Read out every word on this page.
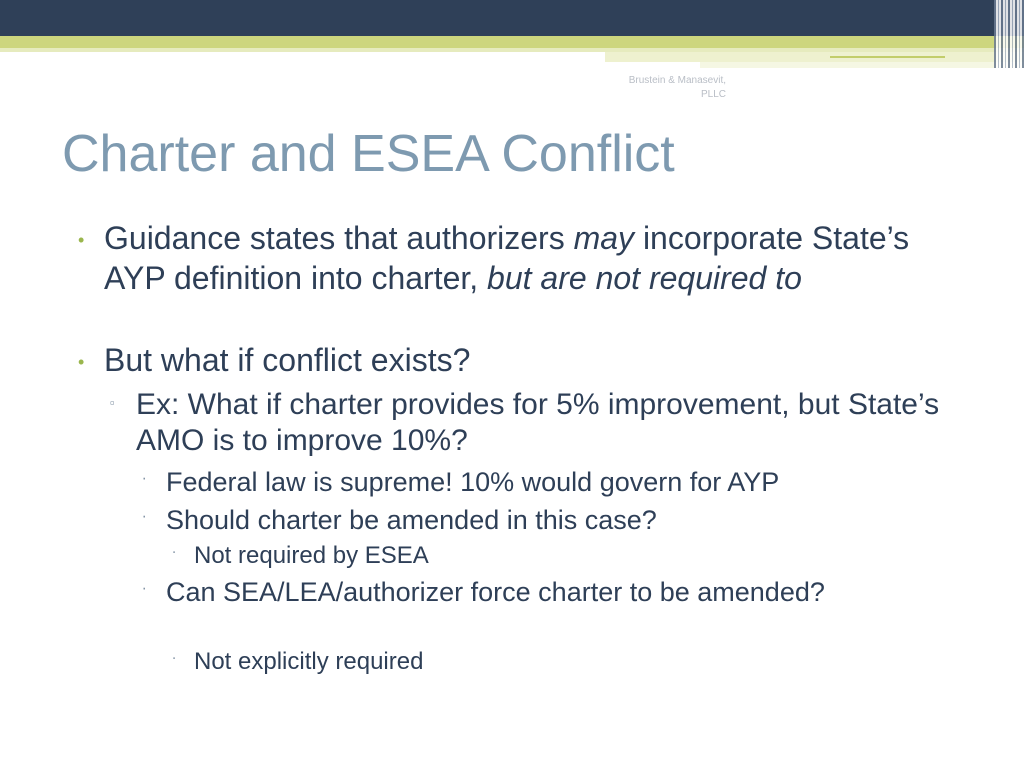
Brustein & Manasevit,
PLLC
Charter and ESEA Conflict
• Guidance states that authorizers may incorporate State’s AYP definition into charter, but are not required to
• But what if conflict exists?
▫ Ex: What if charter provides for 5% improvement, but State’s AMO is to improve 10%?
‧ Federal law is supreme! 10% would govern for AYP
‧ Should charter be amended in this case?
‧ Not required by ESEA
‧ Can SEA/LEA/authorizer force charter to be amended?
‧ Not explicitly required
